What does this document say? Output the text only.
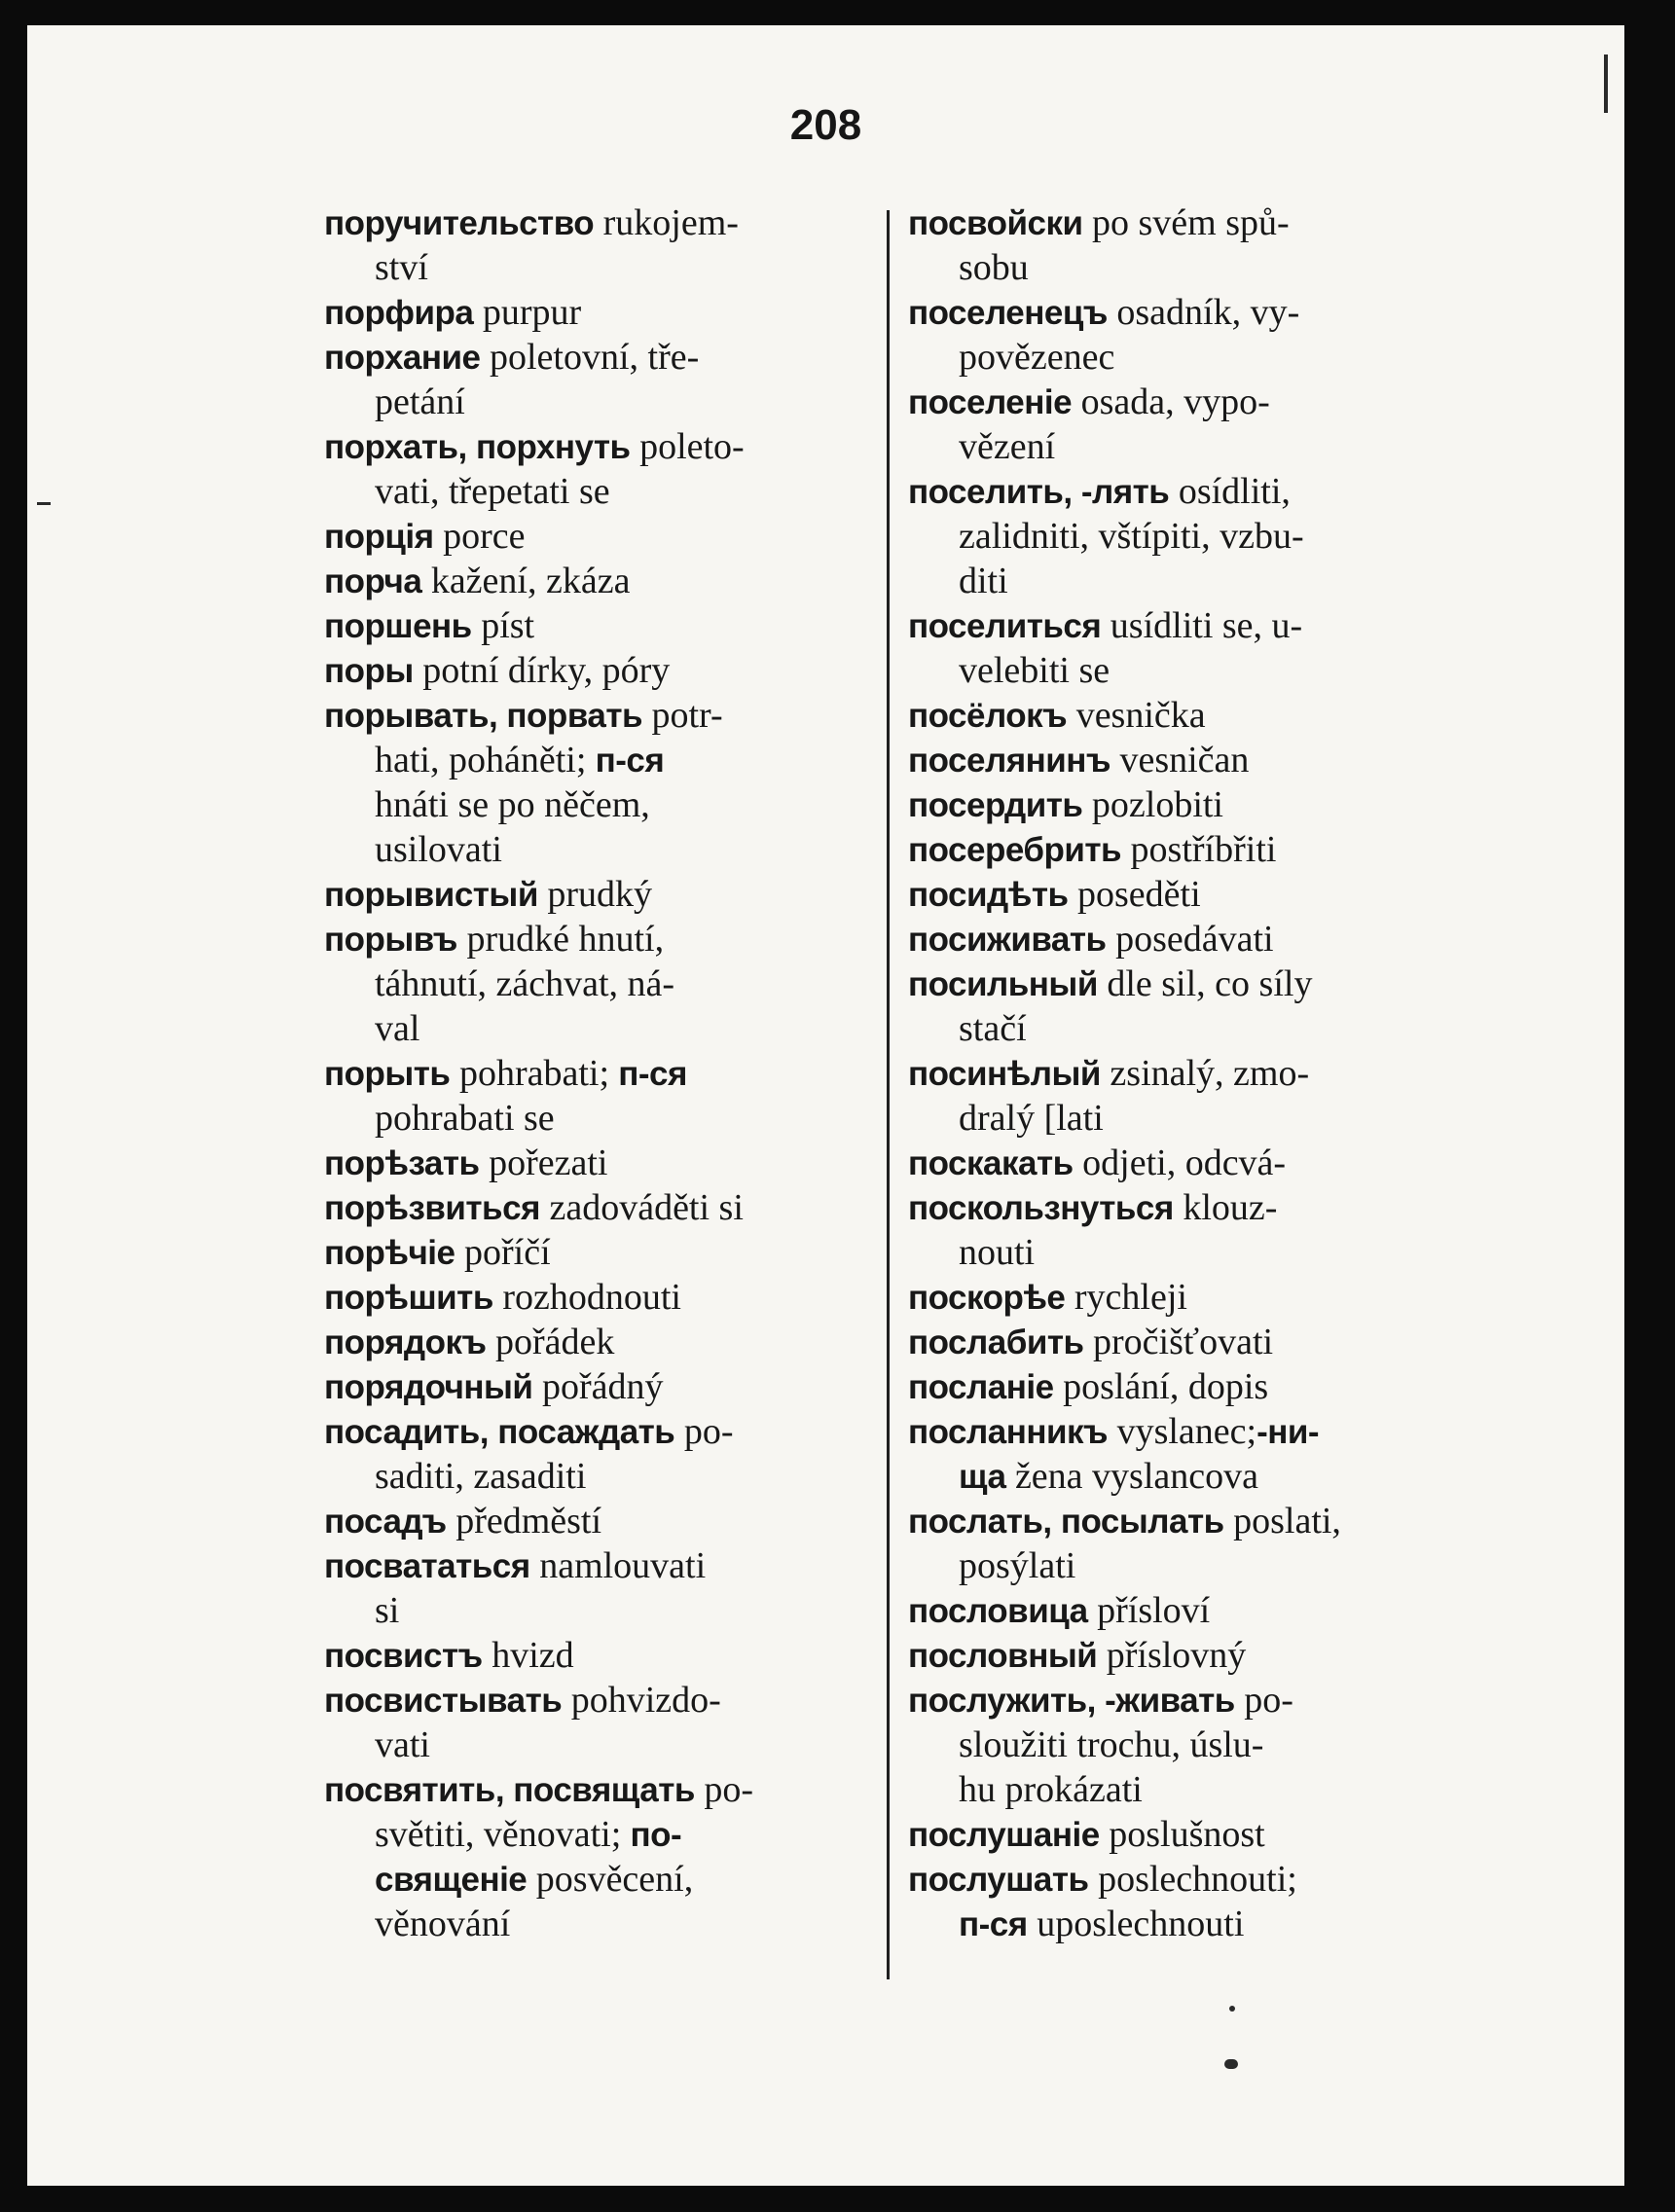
208
поручительство rukojem-
ství
порфира purpur
порхание poletovní, tře-
petání
порхать, порхнуть poleto-
vati, třepetati se
порція porce
порча kažení, zkáza
поршень píst
поры potní dírky, póry
порывать, порвать potr-
hati, poháněti; п-ся
hnáti se po něčem,
usilovati
порывистый prudký
порывъ prudké hnutí,
táhnutí, záchvat, ná-
val
порыть pohrabati; п-ся
pohrabati se
порѣзать pořezati
порѣзвиться zadováděti si
порѣчіе poříčí
порѣшить rozhodnouti
порядокъ pořádek
порядочный pořádný
посадить, посаждать po-
saditi, zasaditi
посадъ předměstí
посвататься namlouvati
si
посвистъ hvizd
посвистывать pohvizdo-
vati
посвятить, посвящать po-
světiti, věnovati; по-
священіе posvěcení,
věnování
посвойски po svém spů-
sobu
поселенецъ osadník, vy-
povězenec
поселеніе osada, vypo-
vězení
поселить, -лять osídliti,
zalidniti, vštípiti, vzbu-
diti
поселиться usídliti se, u-
velebiti se
посёлокъ vesnička
поселянинъ vesničan
посердить pozlobiti
посеребрить postříbřiti
посидѣть poseděti
посиживать posedávati
посильный dle sil, co síly
stačí
посинѣлый zsinalý, zmo-
dralý [lati
поскакать odjeti, odcvá-
поскользнуться klouz-
nouti
поскорѣе rychleji
послабить pročišťovati
посланіе poslání, dopis
посланникъ vyslanec;-ни-
ща žena vyslancova
послать, посылать poslati,
posýlati
пословица přísloví
пословный příslovný
послужить, -живать po-
sloužiti trochu, úslu-
hu prokázati
послушаніе poslušnost
послушать poslechnouti;
п-ся uposlechnouti
